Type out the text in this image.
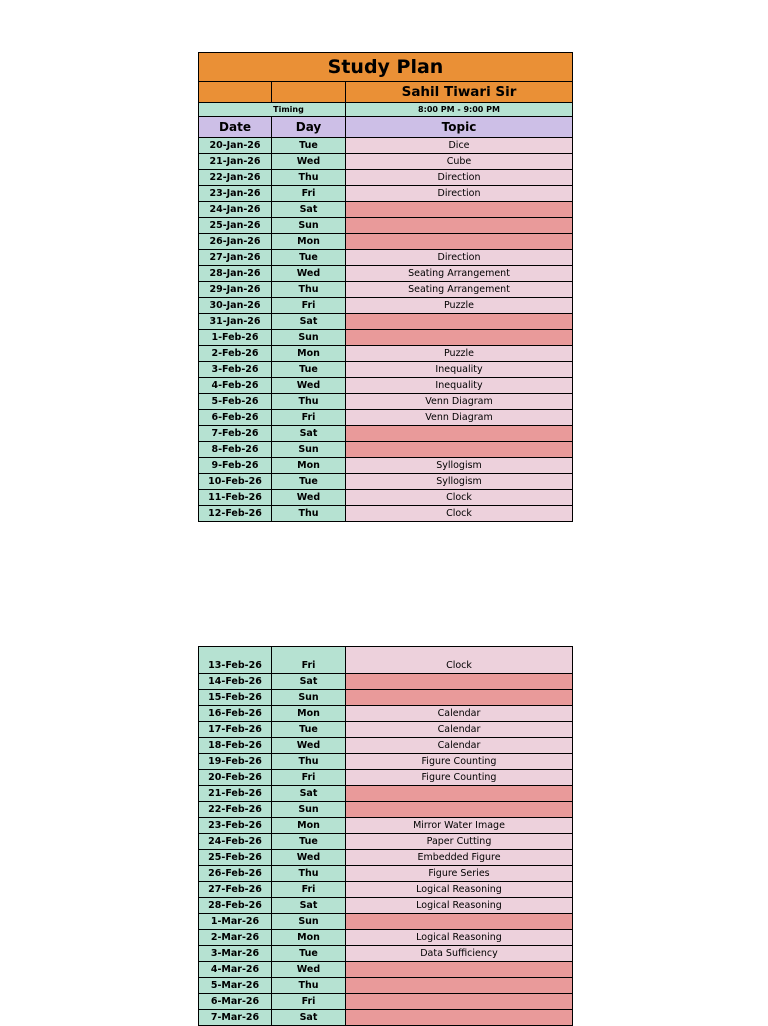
Study Plan		
		Sahil Tiwari Sir
Timing		8:00 PM - 9:00 PM
Date	Day	Topic
20-Jan-26	Tue	Dice
21-Jan-26	Wed	Cube
22-Jan-26	Thu	Direction
23-Jan-26	Fri	Direction
24-Jan-26	Sat	
25-Jan-26	Sun	
26-Jan-26	Mon	
27-Jan-26	Tue	Direction
28-Jan-26	Wed	Seating Arrangement
29-Jan-26	Thu	Seating Arrangement
30-Jan-26	Fri	Puzzle
31-Jan-26	Sat	
1-Feb-26	Sun	
2-Feb-26	Mon	Puzzle
3-Feb-26	Tue	Inequality
4-Feb-26	Wed	Inequality
5-Feb-26	Thu	Venn Diagram
6-Feb-26	Fri	Venn Diagram
7-Feb-26	Sat	
8-Feb-26	Sun	
9-Feb-26	Mon	Syllogism
10-Feb-26	Tue	Syllogism
11-Feb-26	Wed	Clock
12-Feb-26	Thu	Clock
13-Feb-26	Fri	Clock
14-Feb-26	Sat	
15-Feb-26	Sun	
16-Feb-26	Mon	Calendar
17-Feb-26	Tue	Calendar
18-Feb-26	Wed	Calendar
19-Feb-26	Thu	Figure Counting
20-Feb-26	Fri	Figure Counting
21-Feb-26	Sat	
22-Feb-26	Sun	
23-Feb-26	Mon	Mirror Water Image
24-Feb-26	Tue	Paper Cutting
25-Feb-26	Wed	Embedded Figure
26-Feb-26	Thu	Figure Series
27-Feb-26	Fri	Logical Reasoning
28-Feb-26	Sat	Logical Reasoning
1-Mar-26	Sun	
2-Mar-26	Mon	Logical Reasoning
3-Mar-26	Tue	Data Sufficiency
4-Mar-26	Wed	
5-Mar-26	Thu	
6-Mar-26	Fri	
7-Mar-26	Sat	
